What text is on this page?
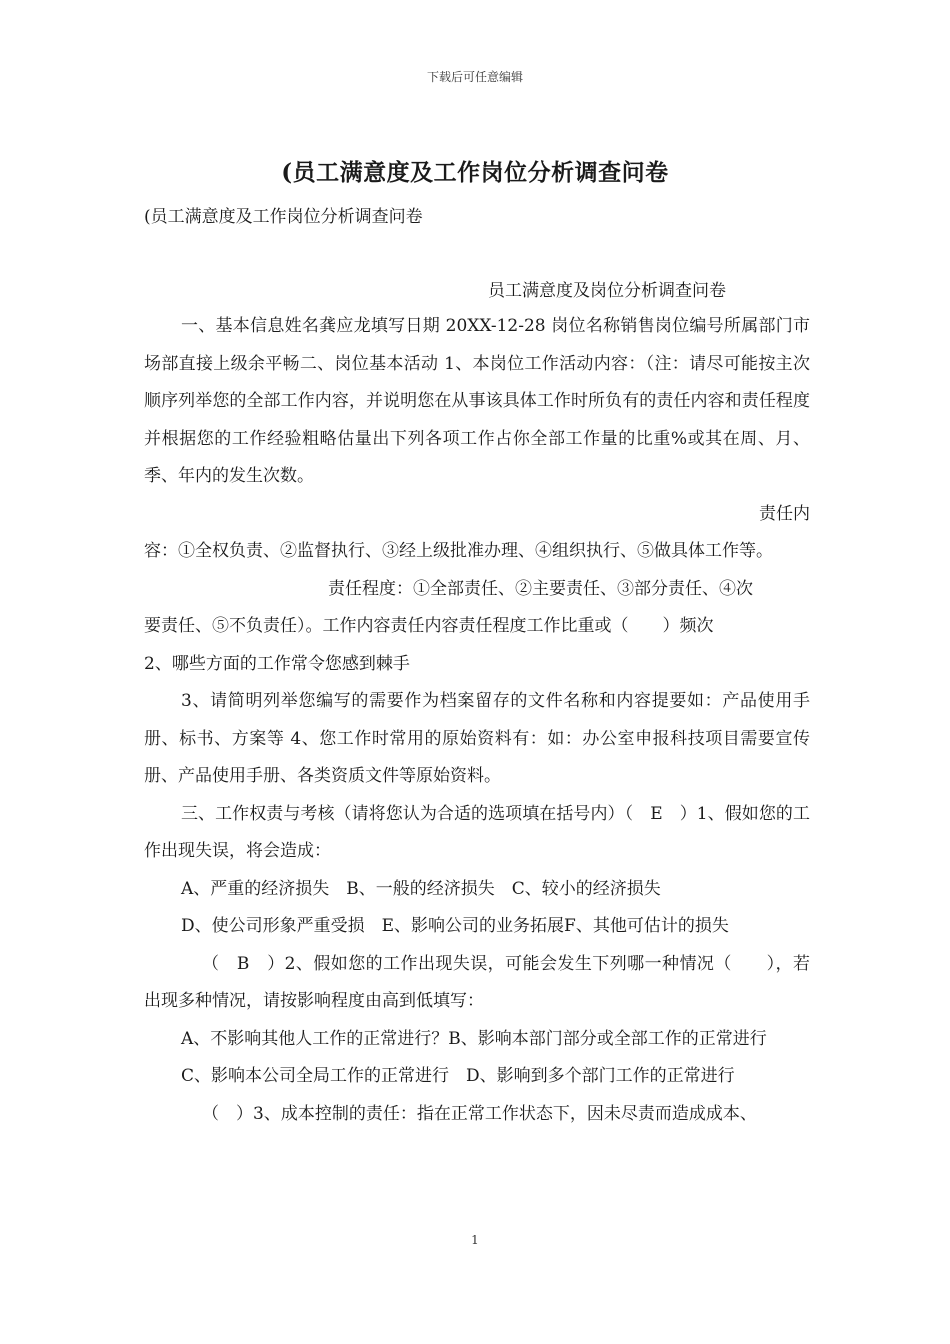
下载后可任意编辑
(员工满意度及工作岗位分析调查问卷
(员工满意度及工作岗位分析调查问卷
员工满意度及岗位分析调查问卷

一、基本信息姓名龚应龙填写日期 20XX-12-28 岗位名称销售岗位编号所属部门市场部直接上级余平畅二、岗位基本活动 1、本岗位工作活动内容：（注：请尽可能按主次顺序列举您的全部工作内容，并说明您在从事该具体工作时所负有的责任内容和责任程度并根据您的工作经验粗略估量出下列各项工作占你全部工作量的比重%或其在周、月、季、年内的发生次数。

责任内

容：①全权负责、②监督执行、③经上级批准办理、④组织执行、⑤做具体工作等。

责任程度：①全部责任、②主要责任、③部分责任、④次

要责任、⑤不负责任）。工作内容责任内容责任程度工作比重或（　　）频次

2、哪些方面的工作常令您感到棘手

3、请简明列举您编写的需要作为档案留存的文件名称和内容提要如：产品使用手册、标书、方案等 4、您工作时常用的原始资料有：如：办公室申报科技项目需要宣传册、产品使用手册、各类资质文件等原始资料。

三、工作权责与考核（请将您认为合适的选项填在括号内）（　E　）1、假如您的工作出现失误，将会造成：

A、严重的经济损失　B、一般的经济损失　C、较小的经济损失

D、使公司形象严重受损　E、影响公司的业务拓展F、其他可估计的损失

（　B　）2、假如您的工作出现失误，可能会发生下列哪一种情况（　　），若出现多种情况，请按影响程度由高到低填写：

A、不影响其他人工作的正常进行？B、影响本部门部分或全部工作的正常进行

C、影响本公司全局工作的正常进行　D、影响到多个部门工作的正常进行

（　）3、成本控制的责任：指在正常工作状态下，因未尽责而造成成本、

1
